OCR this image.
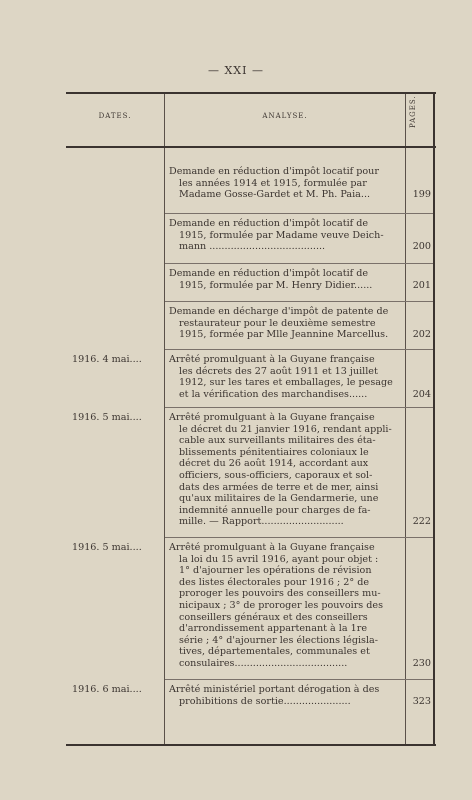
— XXI —
DATES.	ANALYSE.	PAGES.
Demande en réduction d'impôt locatif pour
les années 1914 et 1915, formulée par
Madame Gosse-Gardet et M. Ph. Paia...	199
Demande en réduction d'impôt locatif de
1915, formulée par Madame veuve Deich-
mann ......................................	200
Demande en réduction d'impôt locatif de
1915, formulée par M. Henry Didier......	201
Demande en décharge d'impôt de patente de
restaurateur pour le deuxième semestre
1915, formée par Mlle Jeannine Marcellus.	202
1916. 4 mai....	Arrêté promulguant à la Guyane française
les décrets des 27 août 1911 et 13 juillet
1912, sur les tares et emballages, le pesage
et la vérification des marchandises......	204
1916. 5 mai....	Arrêté promulguant à la Guyane française
le décret du 21 janvier 1916, rendant appli-
cable aux surveillants militaires des éta-
blissements pénitentiaires coloniaux le
décret du 26 août 1914, accordant aux
officiers, sous-officiers, caporaux et sol-
dats des armées de terre et de mer, ainsi
qu'aux militaires de la Gendarmerie, une
indemnité annuelle pour charges de fa-
mille. — Rapport...........................	222
1916. 5 mai....	Arrêté promulguant à la Guyane française
la loi du 15 avril 1916, ayant pour objet :
1° d'ajourner les opérations de révision
des listes électorales pour 1916 ; 2° de
proroger les pouvoirs des conseillers mu-
nicipaux ; 3° de proroger les pouvoirs des
conseillers généraux et des conseillers
d'arrondissement appartenant à la 1re
série ; 4° d'ajourner les élections législa-
tives, départementales, communales et
consulaires.....................................	230
1916. 6 mai....	Arrêté ministériel portant dérogation à des
prohibitions de sortie......................	323
